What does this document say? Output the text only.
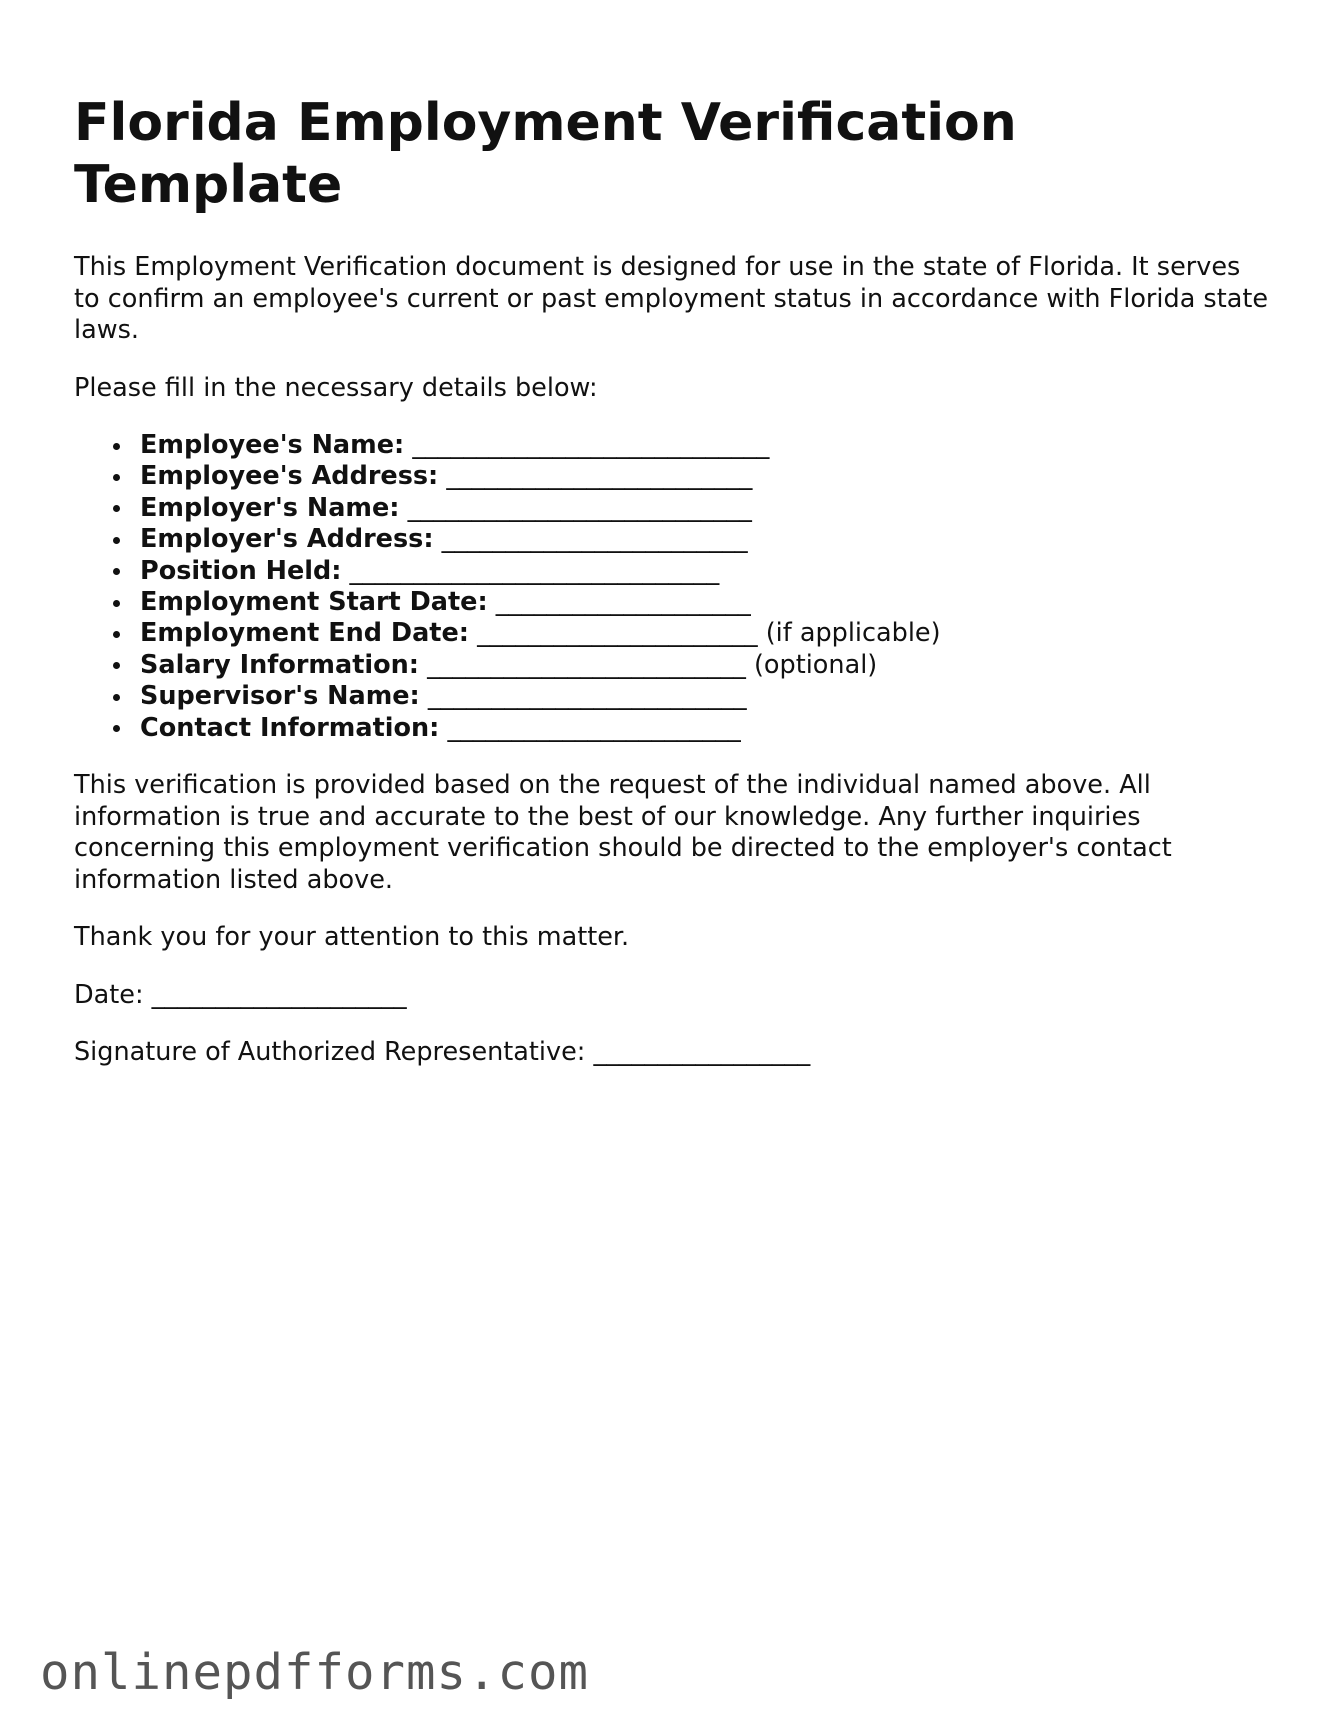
Florida Employment Verification Template

This Employment Verification document is designed for use in the state of Florida. It serves to confirm an employee's current or past employment status in accordance with Florida state laws.

Please fill in the necessary details below:

Employee's Name: ____________________________
Employee's Address: ________________________
Employer's Name: ___________________________
Employer's Address: ________________________
Position Held: _____________________________
Employment Start Date: ____________________
Employment End Date: ______________________ (if applicable)
Salary Information: _________________________ (optional)
Supervisor's Name: _________________________
Contact Information: _______________________

This verification is provided based on the request of the individual named above. All information is true and accurate to the best of our knowledge. Any further inquiries concerning this employment verification should be directed to the employer's contact information listed above.

Thank you for your attention to this matter.

Date: ____________________

Signature of Authorized Representative: _________________

onlinepdfforms.com
